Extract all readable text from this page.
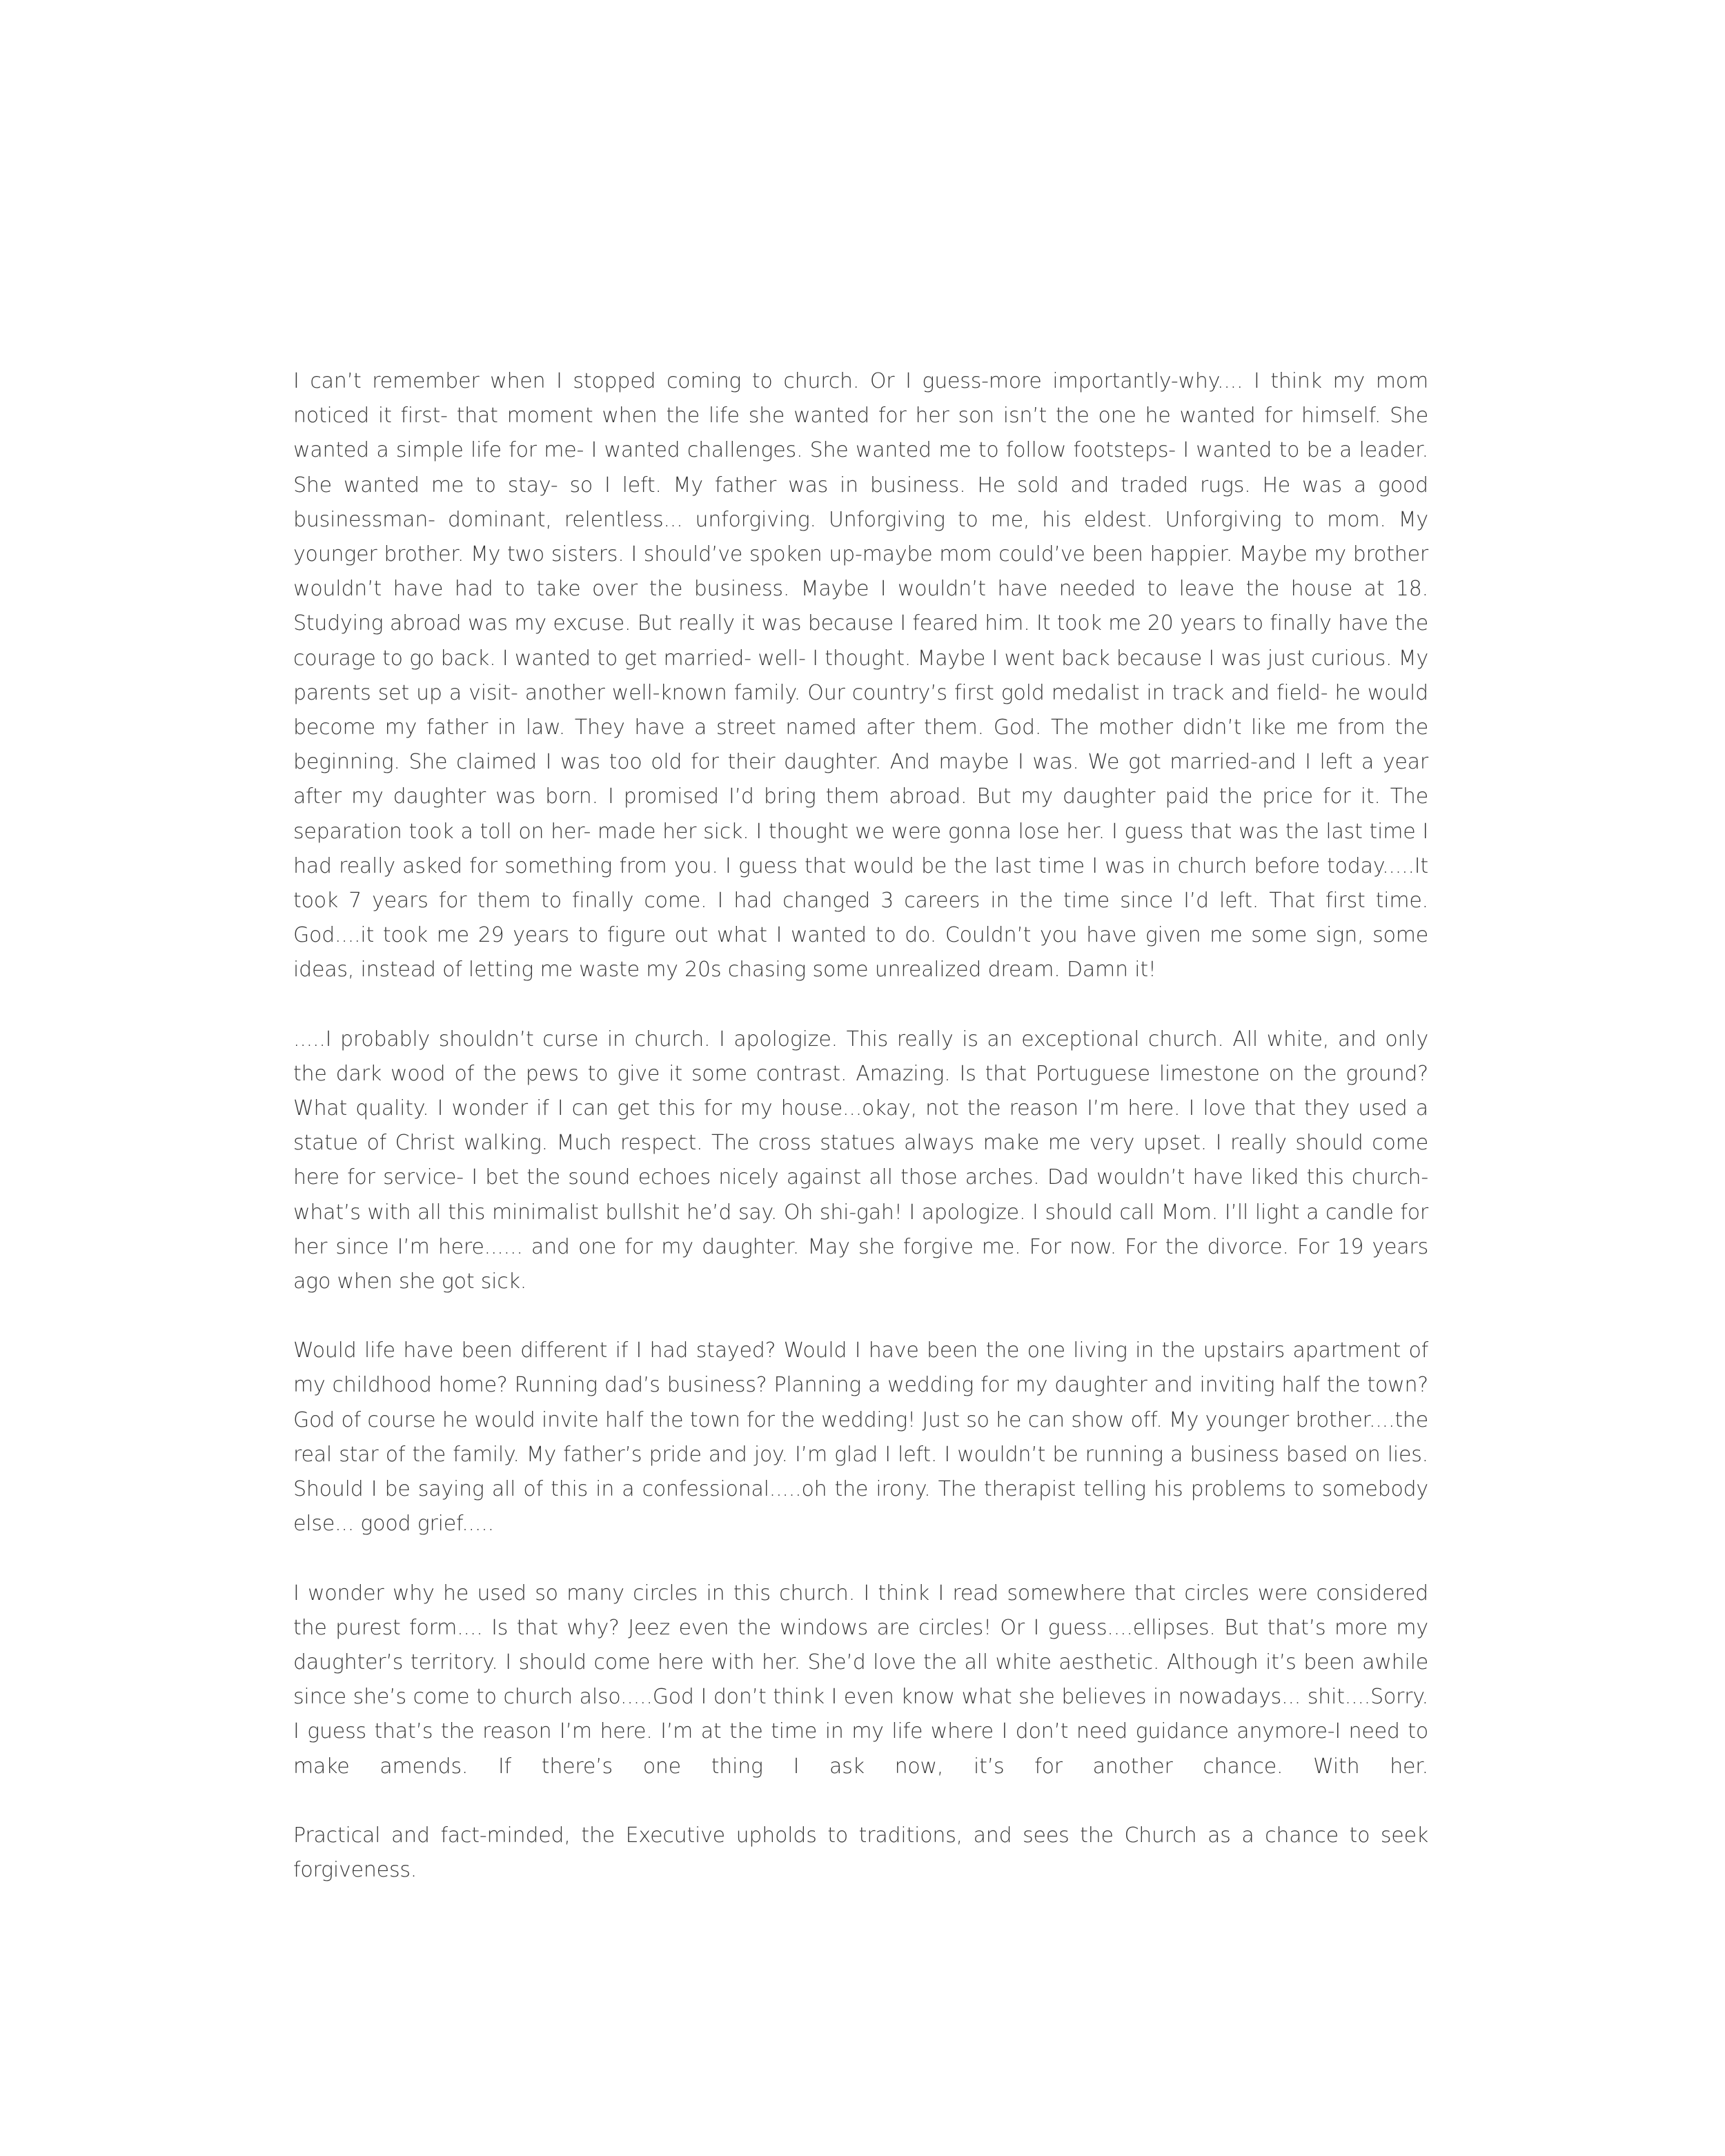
I can’t remember when I stopped coming to church. Or I guess-more importantly-why.... I think my mom noticed it first- that moment when the life she wanted for her son isn’t the one he wanted for himself. She wanted a simple life for me- I wanted challenges. She wanted me to follow footsteps- I wanted to be a leader. She wanted me to stay- so I left. My father was in business. He sold and traded rugs. He was a good businessman- dominant, relentless... unforgiving. Unforgiving to me, his eldest. Unforgiving to mom. My younger brother. My two sisters. I should’ve spoken up-maybe mom could’ve been happier. Maybe my brother wouldn’t have had to take over the business. Maybe I wouldn’t have needed to leave the house at 18. Studying abroad was my excuse. But really it was because I feared him. It took me 20 years to finally have the courage to go back. I wanted to get married- well- I thought. Maybe I went back because I was just curious. My parents set up a visit- another well-known family. Our country’s first gold medalist in track and field- he would become my father in law. They have a street named after them. God. The mother didn’t like me from the beginning. She claimed I was too old for their daughter. And maybe I was. We got married-and I left a year after my daughter was born. I promised I’d bring them abroad. But my daughter paid the price for it. The separation took a toll on her- made her sick. I thought we were gonna lose her. I guess that was the last time I had really asked for something from you. I guess that would be the last time I was in church before today.....It took 7 years for them to finally come. I had changed 3 careers in the time since I’d left. That first time. God....it took me 29 years to figure out what I wanted to do. Couldn’t you have given me some sign, some ideas, instead of letting me waste my 20s chasing some unrealized dream. Damn it!

.....I probably shouldn’t curse in church. I apologize. This really is an exceptional church. All white, and only the dark wood of the pews to give it some contrast. Amazing. Is that Portuguese limestone on the ground? What quality. I wonder if I can get this for my house...okay, not the reason I’m here. I love that they used a statue of Christ walking. Much respect. The cross statues always make me very upset. I really should come here for service- I bet the sound echoes nicely against all those arches. Dad wouldn’t have liked this church- what’s with all this minimalist bullshit he’d say. Oh shi-gah! I apologize. I should call Mom. I’ll light a candle for her since I’m here...... and one for my daughter. May she forgive me. For now. For the divorce. For 19 years ago when she got sick.

Would life have been different if I had stayed? Would I have been the one living in the upstairs apartment of my childhood home? Running dad’s business? Planning a wedding for my daughter and inviting half the town? God of course he would invite half the town for the wedding! Just so he can show off. My younger brother....the real star of the family. My father’s pride and joy. I’m glad I left. I wouldn’t be running a business based on lies. Should I be saying all of this in a confessional.....oh the irony. The therapist telling his problems to somebody else... good grief.....

I wonder why he used so many circles in this church. I think I read somewhere that circles were considered the purest form.... Is that why? Jeez even the windows are circles! Or I guess....ellipses. But that’s more my daughter’s territory. I should come here with her. She’d love the all white aesthetic. Although it’s been awhile since she’s come to church also.....God I don’t think I even know what she believes in nowadays... shit....Sorry. I guess that’s the reason I’m here. I’m at the time in my life where I don’t need guidance anymore-I need to make amends. If there’s one thing I ask now, it’s for another chance. With her.

Practical and fact-minded, the Executive upholds to traditions, and sees the Church as a chance to seek forgiveness.
